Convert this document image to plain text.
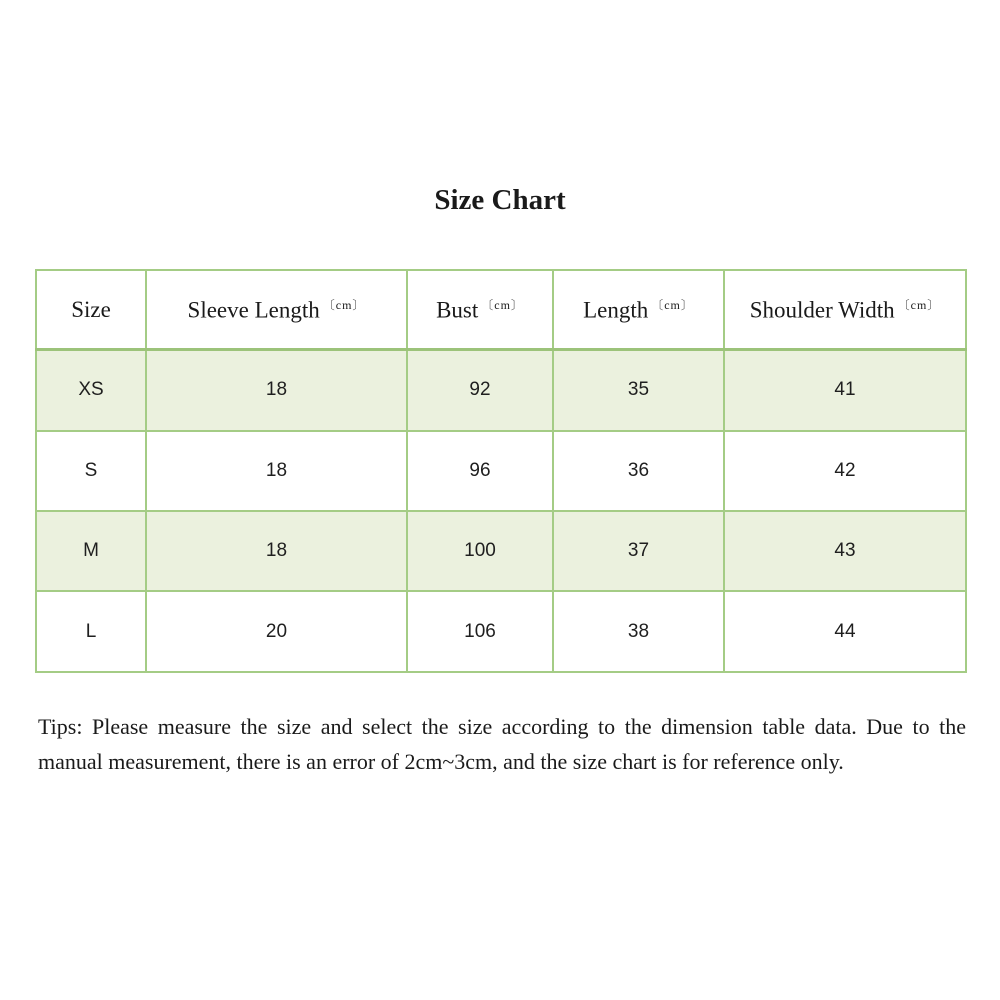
Size Chart
Size	Sleeve Length $^{〔cm〕}$	Bust $^{〔cm〕}$	Length $^{〔cm〕}$	Shoulder Width $^{〔cm〕}$
XS	18	92	35	41
S	18	96	36	42
M	18	100	37	43
L	20	106	38	44
Tips: Please measure the size and select the size according to the dimension table data. Due to the manual measurement, there is an error of 2cm~3cm, and the size chart is for reference only.
